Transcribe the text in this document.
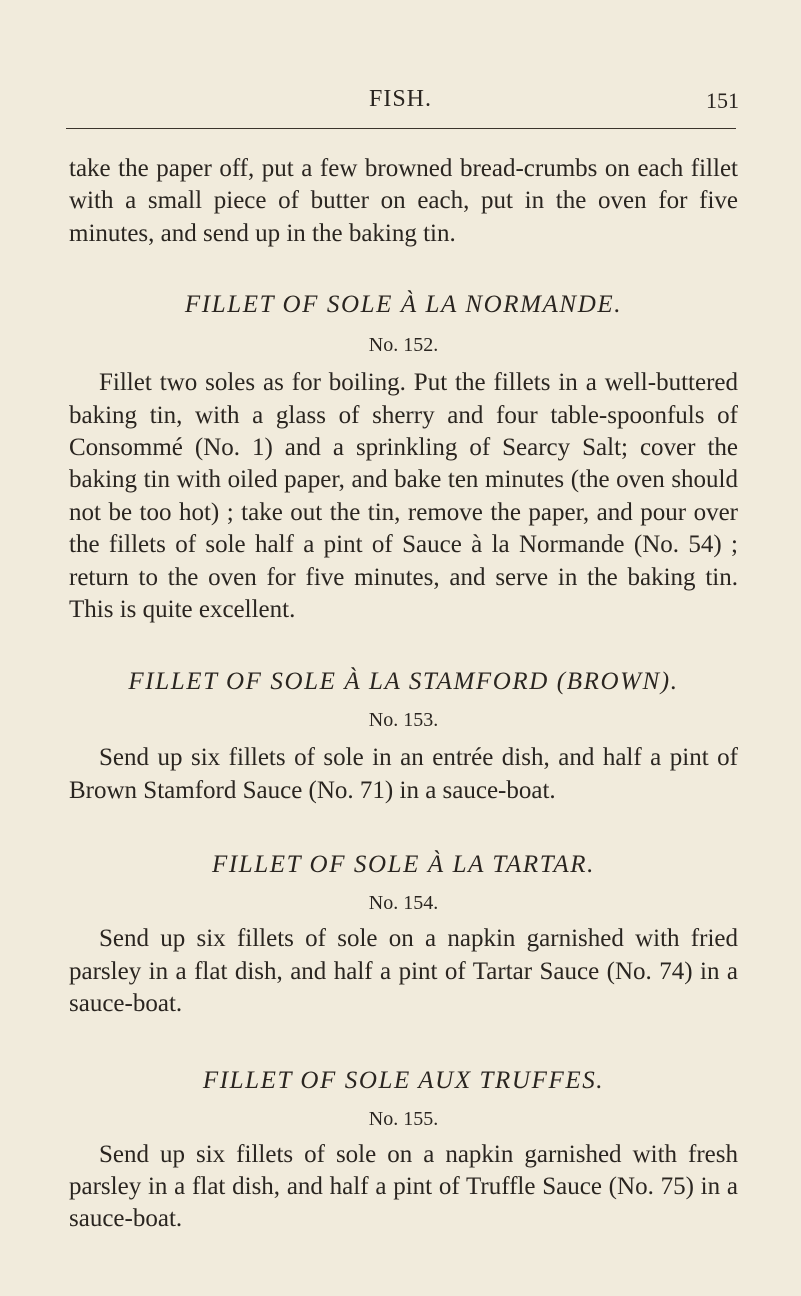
FISH.	151

take the paper off, put a few browned bread-crumbs on each fillet with a small piece of butter on each, put in the oven for five minutes, and send up in the baking tin.

FILLET OF SOLE À LA NORMANDE.
No. 152.

Fillet two soles as for boiling. Put the fillets in a well-buttered baking tin, with a glass of sherry and four table-spoonfuls of Consommé (No. 1) and a sprinkling of Searcy Salt; cover the baking tin with oiled paper, and bake ten minutes (the oven should not be too hot) ; take out the tin, remove the paper, and pour over the fillets of sole half a pint of Sauce à la Normande (No. 54) ; return to the oven for five minutes, and serve in the baking tin. This is quite excellent.

FILLET OF SOLE À LA STAMFORD (BROWN).
No. 153.

Send up six fillets of sole in an entrée dish, and half a pint of Brown Stamford Sauce (No. 71) in a sauce-boat.

FILLET OF SOLE À LA TARTAR.
No. 154.

Send up six fillets of sole on a napkin garnished with fried parsley in a flat dish, and half a pint of Tartar Sauce (No. 74) in a sauce-boat.

FILLET OF SOLE AUX TRUFFES.
No. 155.

Send up six fillets of sole on a napkin garnished with fresh parsley in a flat dish, and half a pint of Truffle Sauce (No. 75) in a sauce-boat.
